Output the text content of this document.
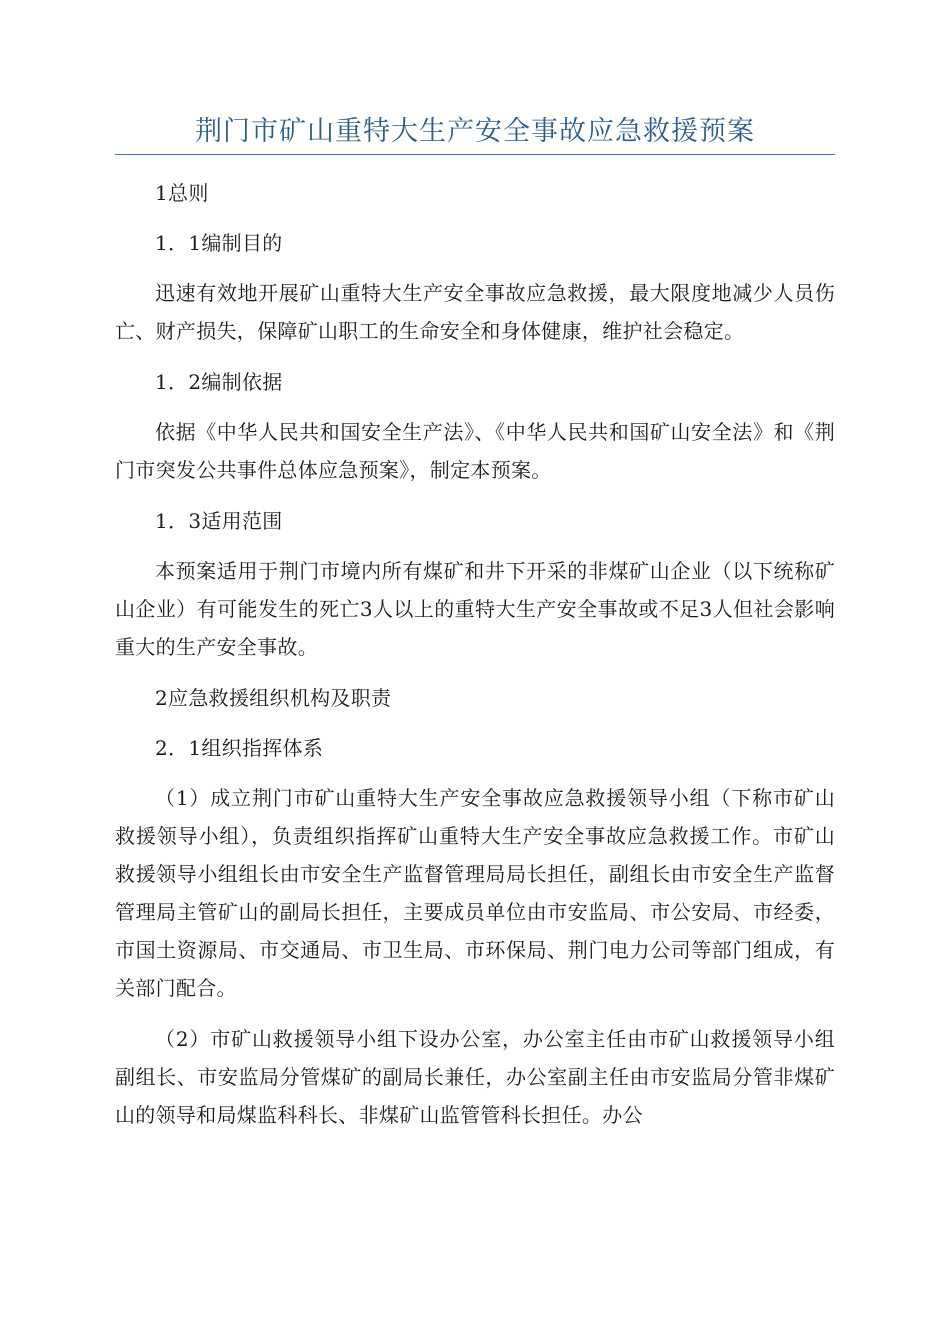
荆门市矿山重特大生产安全事故应急救援预案

1总则

1．1编制目的

迅速有效地开展矿山重特大生产安全事故应急救援，最大限度地减少人员伤亡、财产损失，保障矿山职工的生命安全和身体健康，维护社会稳定。

1．2编制依据

依据《中华人民共和国安全生产法》、《中华人民共和国矿山安全法》和《荆门市突发公共事件总体应急预案》，制定本预案。

1．3适用范围

本预案适用于荆门市境内所有煤矿和井下开采的非煤矿山企业（以下统称矿山企业）有可能发生的死亡3人以上的重特大生产安全事故或不足3人但社会影响重大的生产安全事故。

2应急救援组织机构及职责

2．1组织指挥体系

（1）成立荆门市矿山重特大生产安全事故应急救援领导小组（下称市矿山救援领导小组），负责组织指挥矿山重特大生产安全事故应急救援工作。市矿山救援领导小组组长由市安全生产监督管理局局长担任，副组长由市安全生产监督管理局主管矿山的副局长担任，主要成员单位由市安监局、市公安局、市经委，市国土资源局、市交通局、市卫生局、市环保局、荆门电力公司等部门组成，有关部门配合。

（2）市矿山救援领导小组下设办公室，办公室主任由市矿山救援领导小组副组长、市安监局分管煤矿的副局长兼任，办公室副主任由市安监局分管非煤矿山的领导和局煤监科科长、非煤矿山监管管科长担任。办公
